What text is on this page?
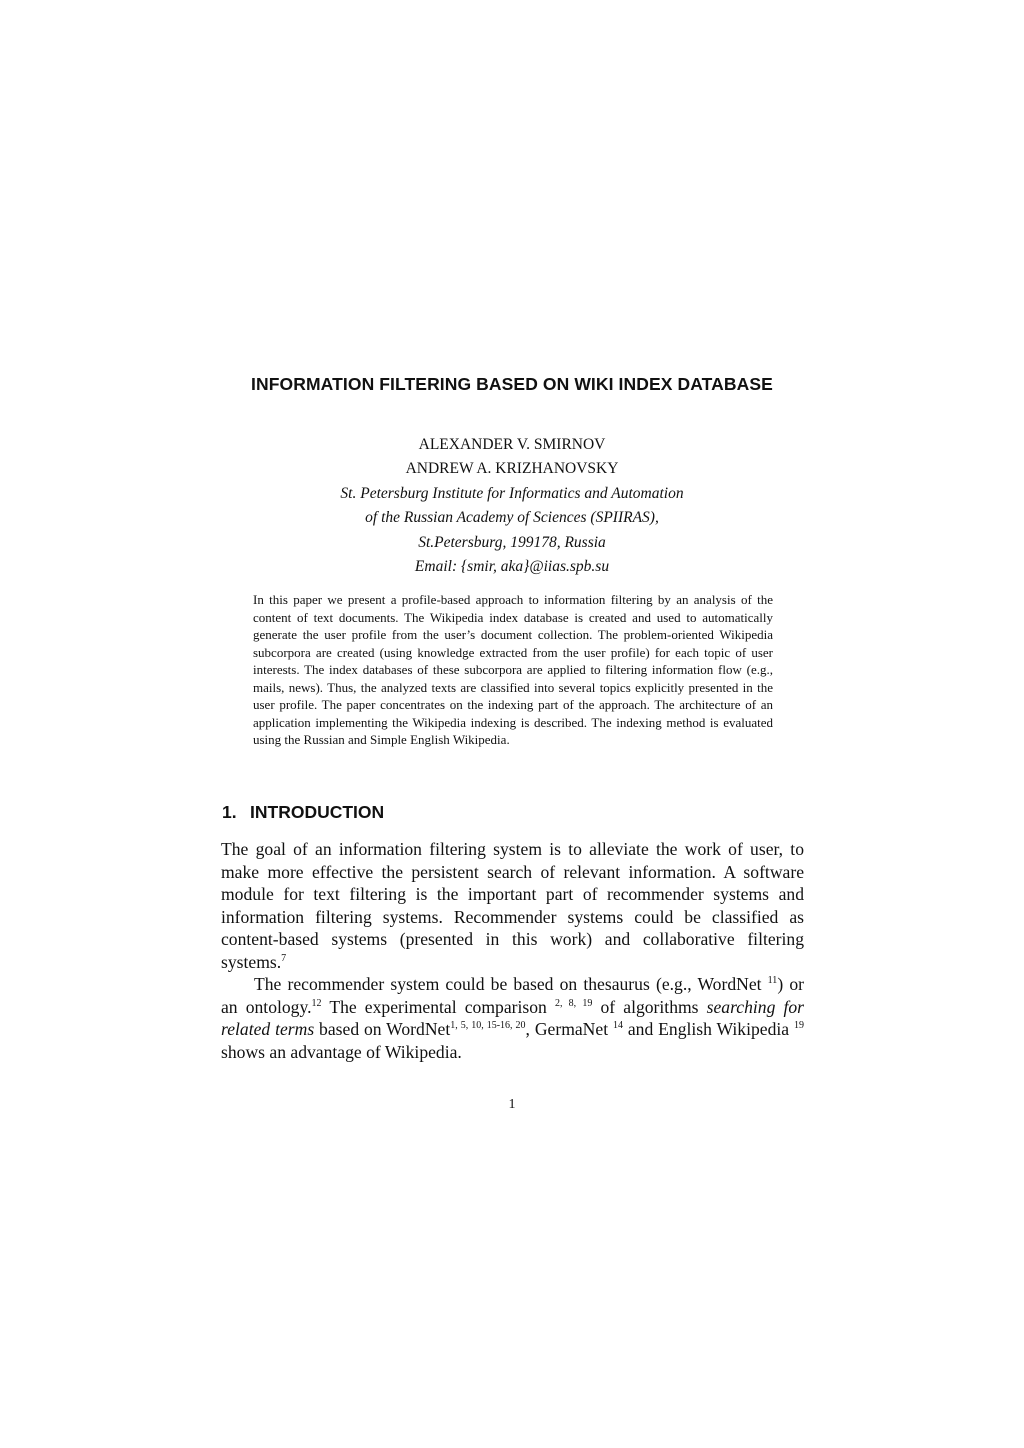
INFORMATION FILTERING BASED ON WIKI INDEX DATABASE
ALEXANDER V. SMIRNOV
ANDREW A. KRIZHANOVSKY
St. Petersburg Institute for Informatics and Automation
of the Russian Academy of Sciences (SPIIRAS),
St.Petersburg, 199178, Russia
Email: {smir, aka}@iias.spb.su

In this paper we present a profile-based approach to information filtering by an analysis of the content of text documents. The Wikipedia index database is created and used to automatically generate the user profile from the user’s document collection. The problem-oriented Wikipedia subcorpora are created (using knowledge extracted from the user profile) for each topic of user interests. The index databases of these subcorpora are applied to filtering information flow (e.g., mails, news). Thus, the analyzed texts are classified into several topics explicitly presented in the user profile. The paper concentrates on the indexing part of the approach. The architecture of an application implementing the Wikipedia indexing is described. The indexing method is evaluated using the Russian and Simple English Wikipedia.

1. INTRODUCTION

The goal of an information filtering system is to alleviate the work of user, to make more effective the persistent search of relevant information. A software module for text filtering is the important part of recommender systems and information filtering systems. Recommender systems could be classified as content-based systems (presented in this work) and collaborative filtering systems.$^7$

The recommender system could be based on thesaurus (e.g., WordNet $^{11}$) or an ontology.$^{12}$ The experimental comparison $^{2, 8, 19}$ of algorithms searching for related terms based on WordNet$^{1, 5, 10, 15-16, 20}$, GermaNet $^{14}$ and English Wikipedia $^{19}$ shows an advantage of Wikipedia.

1
